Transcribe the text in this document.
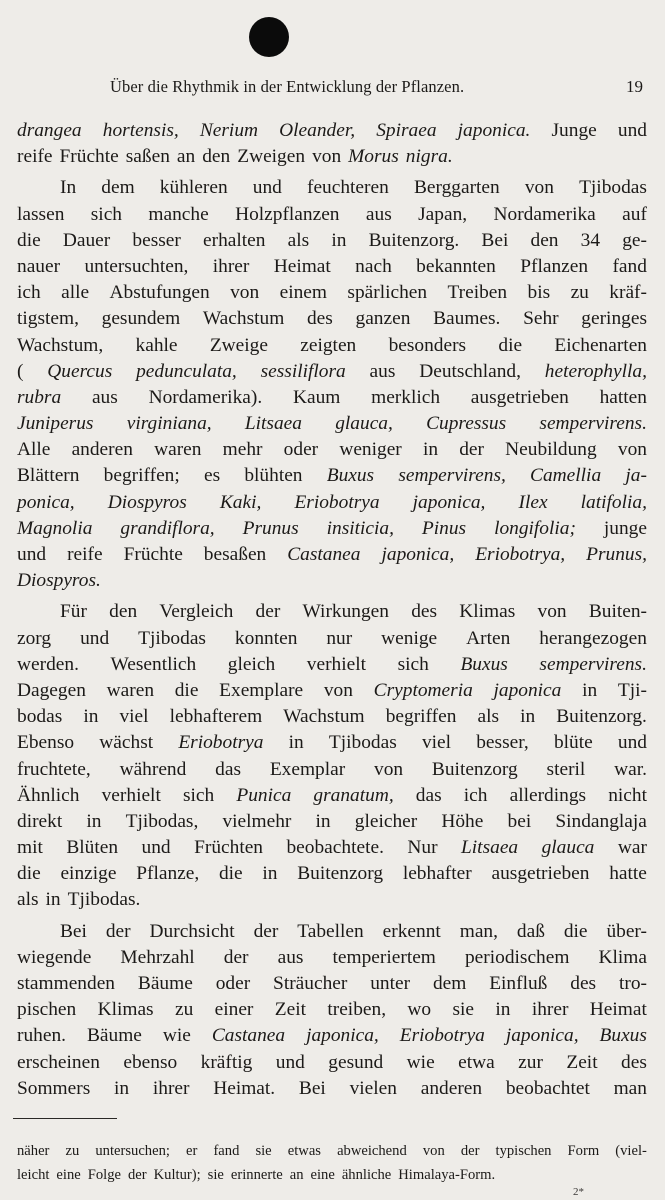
Über die Rhythmik in der Entwicklung der Pflanzen.	19
drangea hortensis, Nerium Oleander, Spiraea japonica. Junge und
reife Früchte saßen an den Zweigen von Morus nigra.
In dem kühleren und feuchteren Berggarten von Tjibodas
lassen sich manche Holzpflanzen aus Japan, Nordamerika auf
die Dauer besser erhalten als in Buitenzorg. Bei den 34 ge-
nauer untersuchten, ihrer Heimat nach bekannten Pflanzen fand
ich alle Abstufungen von einem spärlichen Treiben bis zu kräf-
tigstem, gesundem Wachstum des ganzen Baumes. Sehr geringes
Wachstum, kahle Zweige zeigten besonders die Eichenarten
( Quercus pedunculata, sessiliflora aus Deutschland, heterophylla,
rubra aus Nordamerika). Kaum merklich ausgetrieben hatten
Juniperus virginiana, Litsaea glauca, Cupressus sempervirens.
Alle anderen waren mehr oder weniger in der Neubildung von
Blättern begriffen; es blühten Buxus sempervirens, Camellia ja-
ponica, Diospyros Kaki, Eriobotrya japonica, Ilex latifolia,
Magnolia grandiflora, Prunus insiticia, Pinus longifolia; junge
und reife Früchte besaßen Castanea japonica, Eriobotrya, Prunus,
Diospyros.
Für den Vergleich der Wirkungen des Klimas von Buiten-
zorg und Tjibodas konnten nur wenige Arten herangezogen
werden. Wesentlich gleich verhielt sich Buxus sempervirens.
Dagegen waren die Exemplare von Cryptomeria japonica in Tji-
bodas in viel lebhafterem Wachstum begriffen als in Buitenzorg.
Ebenso wächst Eriobotrya in Tjibodas viel besser, blüte und
fruchtete, während das Exemplar von Buitenzorg steril war.
Ähnlich verhielt sich Punica granatum, das ich allerdings nicht
direkt in Tjibodas, vielmehr in gleicher Höhe bei Sindanglaja
mit Blüten und Früchten beobachtete. Nur Litsaea glauca war
die einzige Pflanze, die in Buitenzorg lebhafter ausgetrieben hatte
als in Tjibodas.
Bei der Durchsicht der Tabellen erkennt man, daß die über-
wiegende Mehrzahl der aus temperiertem periodischem Klima
stammenden Bäume oder Sträucher unter dem Einfluß des tro-
pischen Klimas zu einer Zeit treiben, wo sie in ihrer Heimat
ruhen. Bäume wie Castanea japonica, Eriobotrya japonica, Buxus
erscheinen ebenso kräftig und gesund wie etwa zur Zeit des
Sommers in ihrer Heimat. Bei vielen anderen beobachtet man
näher zu untersuchen; er fand sie etwas abweichend von der typischen Form (viel-
leicht eine Folge der Kultur); sie erinnerte an eine ähnliche Himalaya-Form.
2*
